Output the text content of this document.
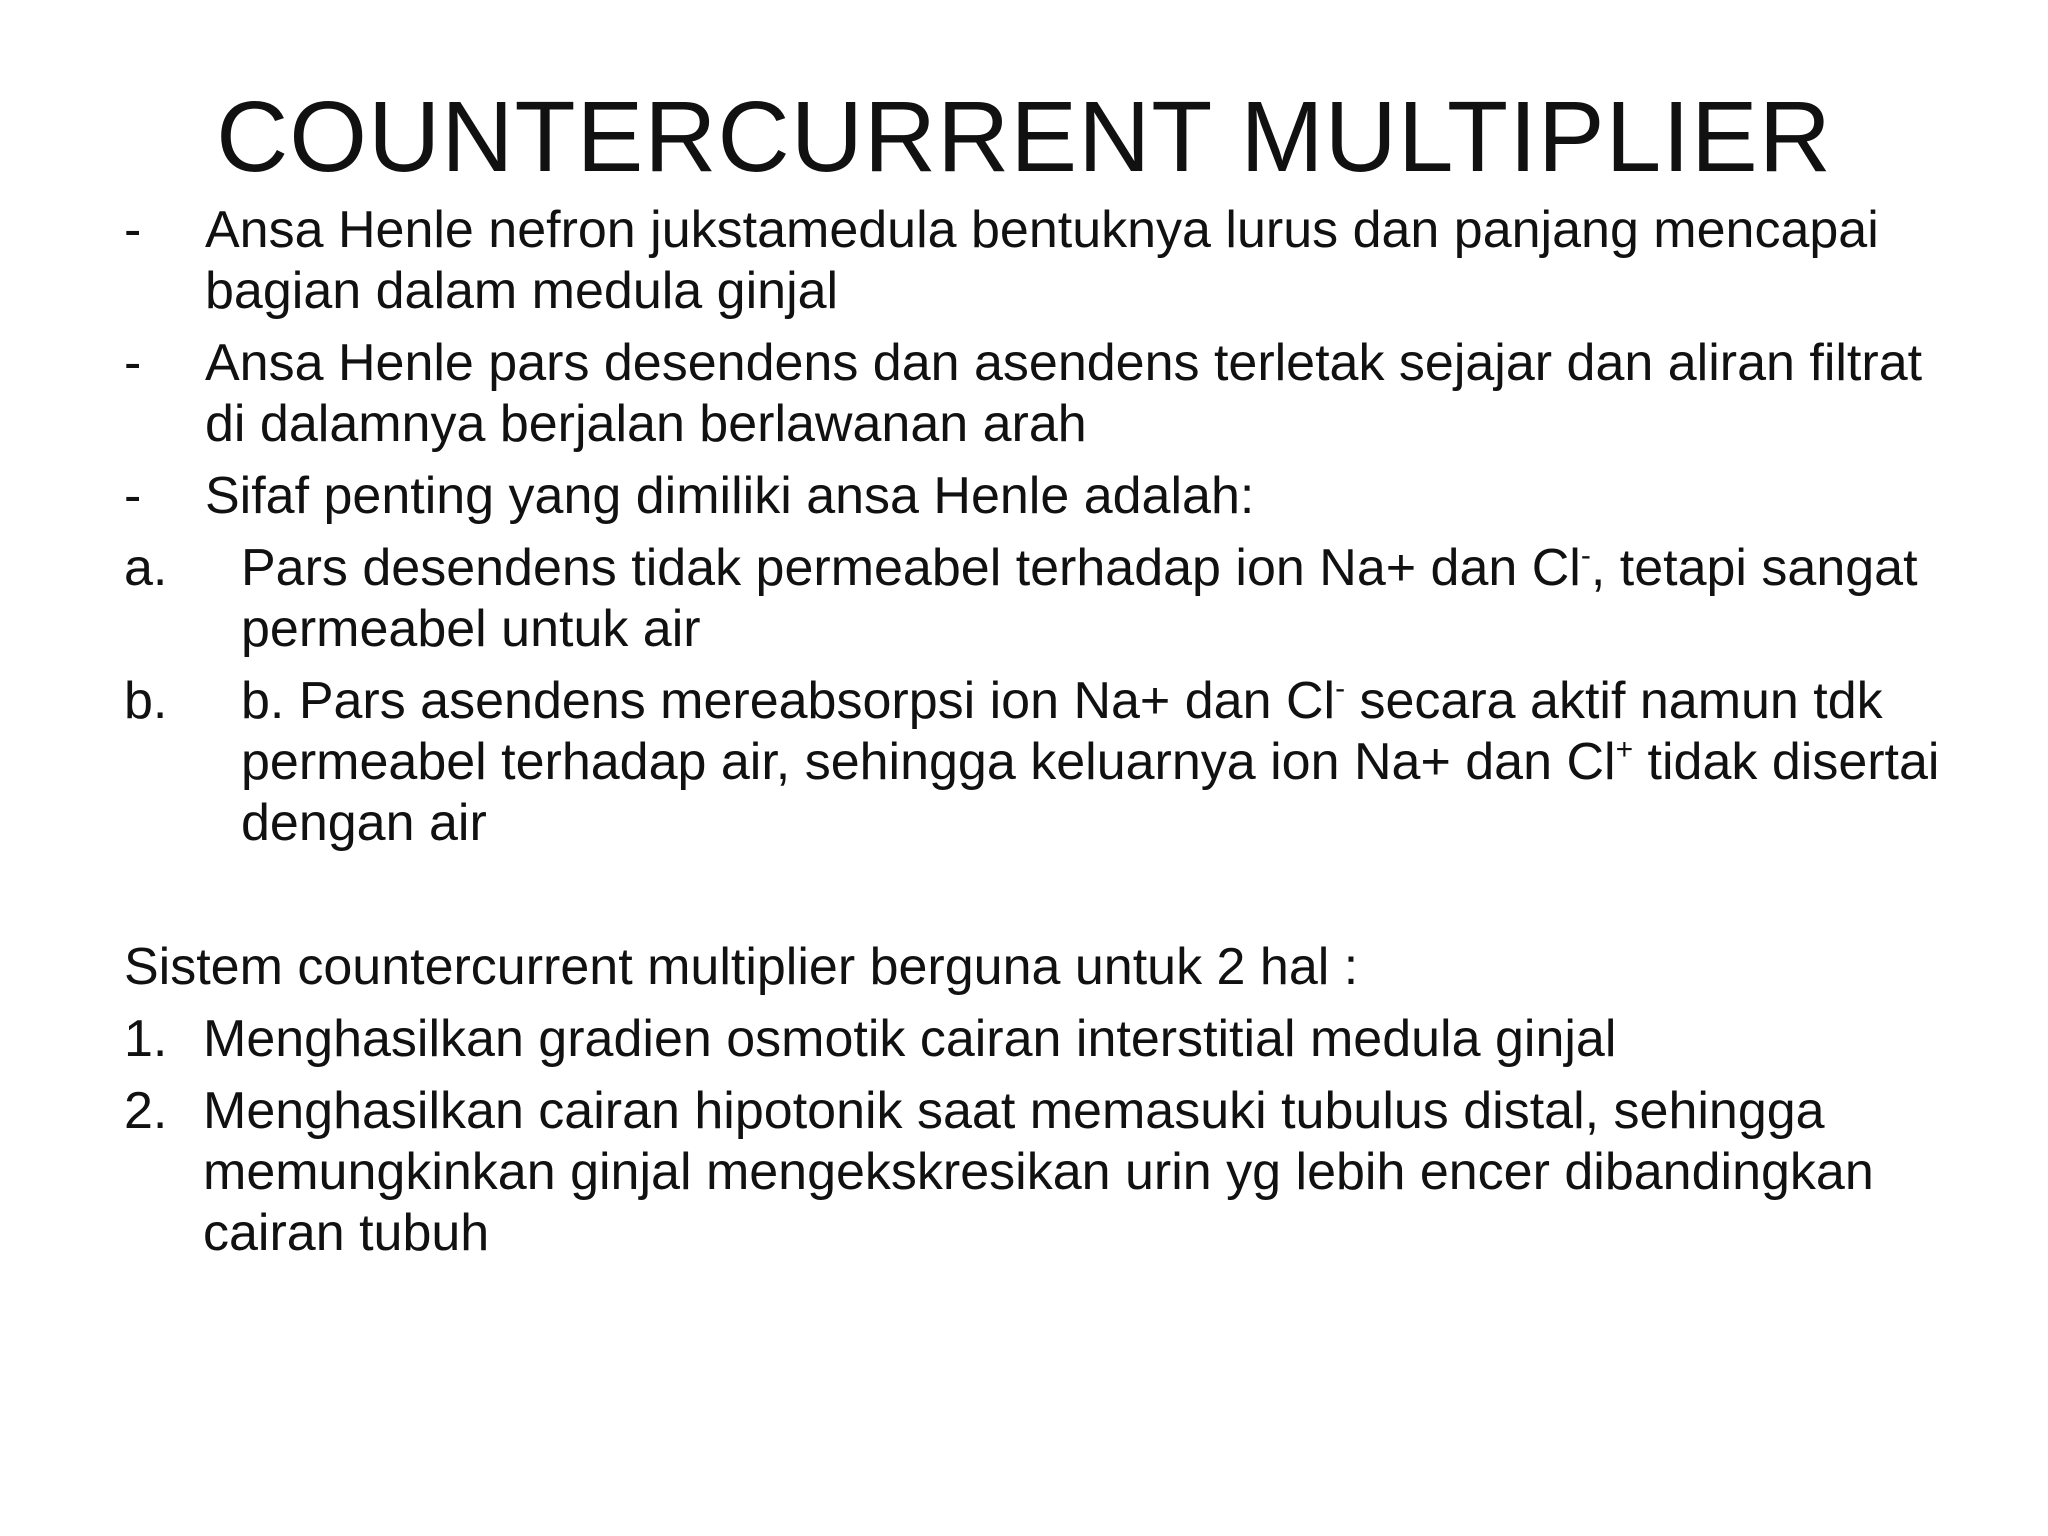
COUNTERCURRENT MULTIPLIER

-	Ansa Henle nefron jukstamedula bentuknya lurus dan panjang mencapai bagian dalam medula ginjal

-	Ansa Henle pars desendens dan asendens terletak sejajar dan aliran filtrat di dalamnya berjalan berlawanan arah

-	Sifaf penting yang dimiliki ansa Henle adalah:

a. Pars desendens tidak permeabel terhadap ion Na+ dan Cl-, tetapi sangat permeabel untuk air

b. b. Pars asendens mereabsorpsi ion Na+ dan Cl- secara aktif namun tdk permeabel terhadap air, sehingga keluarnya ion Na+ dan Cl+ tidak disertai dengan air

Sistem countercurrent multiplier berguna untuk 2 hal :

1. Menghasilkan gradien osmotik cairan interstitial medula ginjal

2. Menghasilkan cairan hipotonik saat memasuki tubulus distal, sehingga memungkinkan ginjal mengekskresikan urin yg lebih encer dibandingkan cairan tubuh
